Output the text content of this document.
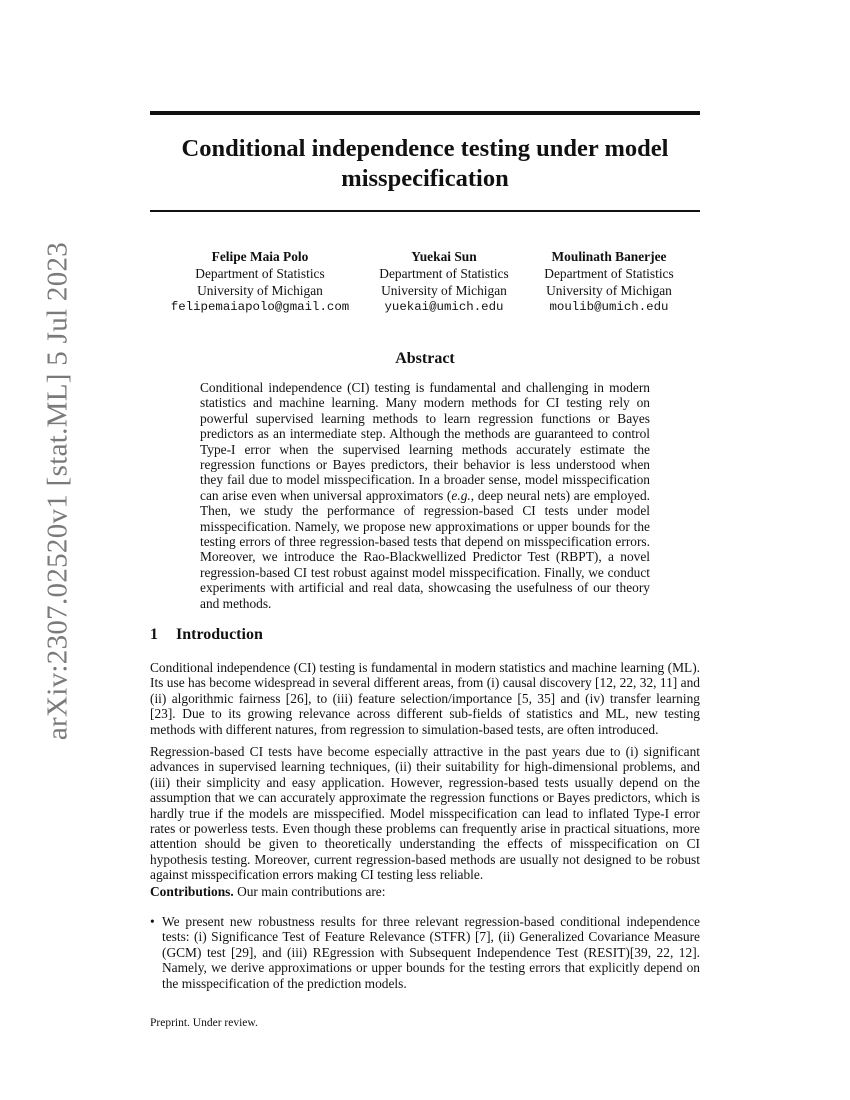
arXiv:2307.02520v1 [stat.ML] 5 Jul 2023
Conditional independence testing under model misspecification
Felipe Maia Polo
Department of Statistics
University of Michigan
felipemaiapolo@gmail.com
Yuekai Sun
Department of Statistics
University of Michigan
yuekai@umich.edu
Moulinath Banerjee
Department of Statistics
University of Michigan
moulib@umich.edu
Abstract
Conditional independence (CI) testing is fundamental and challenging in modern statistics and machine learning. Many modern methods for CI testing rely on powerful supervised learning methods to learn regression functions or Bayes predictors as an intermediate step. Although the methods are guaranteed to control Type-I error when the supervised learning methods accurately estimate the regression functions or Bayes predictors, their behavior is less understood when they fail due to model misspecification. In a broader sense, model misspecification can arise even when universal approximators (e.g., deep neural nets) are employed. Then, we study the performance of regression-based CI tests under model misspecification. Namely, we propose new approximations or upper bounds for the testing errors of three regression-based tests that depend on misspecification errors. Moreover, we introduce the Rao-Blackwellized Predictor Test (RBPT), a novel regression-based CI test robust against model misspecification. Finally, we conduct experiments with artificial and real data, showcasing the usefulness of our theory and methods.
1 Introduction

Conditional independence (CI) testing is fundamental in modern statistics and machine learning (ML). Its use has become widespread in several different areas, from (i) causal discovery [12, 22, 32, 11] and (ii) algorithmic fairness [26], to (iii) feature selection/importance [5, 35] and (iv) transfer learning [23]. Due to its growing relevance across different sub-fields of statistics and ML, new testing methods with different natures, from regression to simulation-based tests, are often introduced.

Regression-based CI tests have become especially attractive in the past years due to (i) significant advances in supervised learning techniques, (ii) their suitability for high-dimensional problems, and (iii) their simplicity and easy application. However, regression-based tests usually depend on the assumption that we can accurately approximate the regression functions or Bayes predictors, which is hardly true if the models are misspecified. Model misspecification can lead to inflated Type-I error rates or powerless tests. Even though these problems can frequently arise in practical situations, more attention should be given to theoretically understanding the effects of misspecification on CI hypothesis testing. Moreover, current regression-based methods are usually not designed to be robust against misspecification errors making CI testing less reliable.

Contributions. Our main contributions are:

• We present new robustness results for three relevant regression-based conditional independence tests: (i) Significance Test of Feature Relevance (STFR) [7], (ii) Generalized Covariance Measure (GCM) test [29], and (iii) REgression with Subsequent Independence Test (RESIT)[39, 22, 12]. Namely, we derive approximations or upper bounds for the testing errors that explicitly depend on the misspecification of the prediction models.
Preprint. Under review.
